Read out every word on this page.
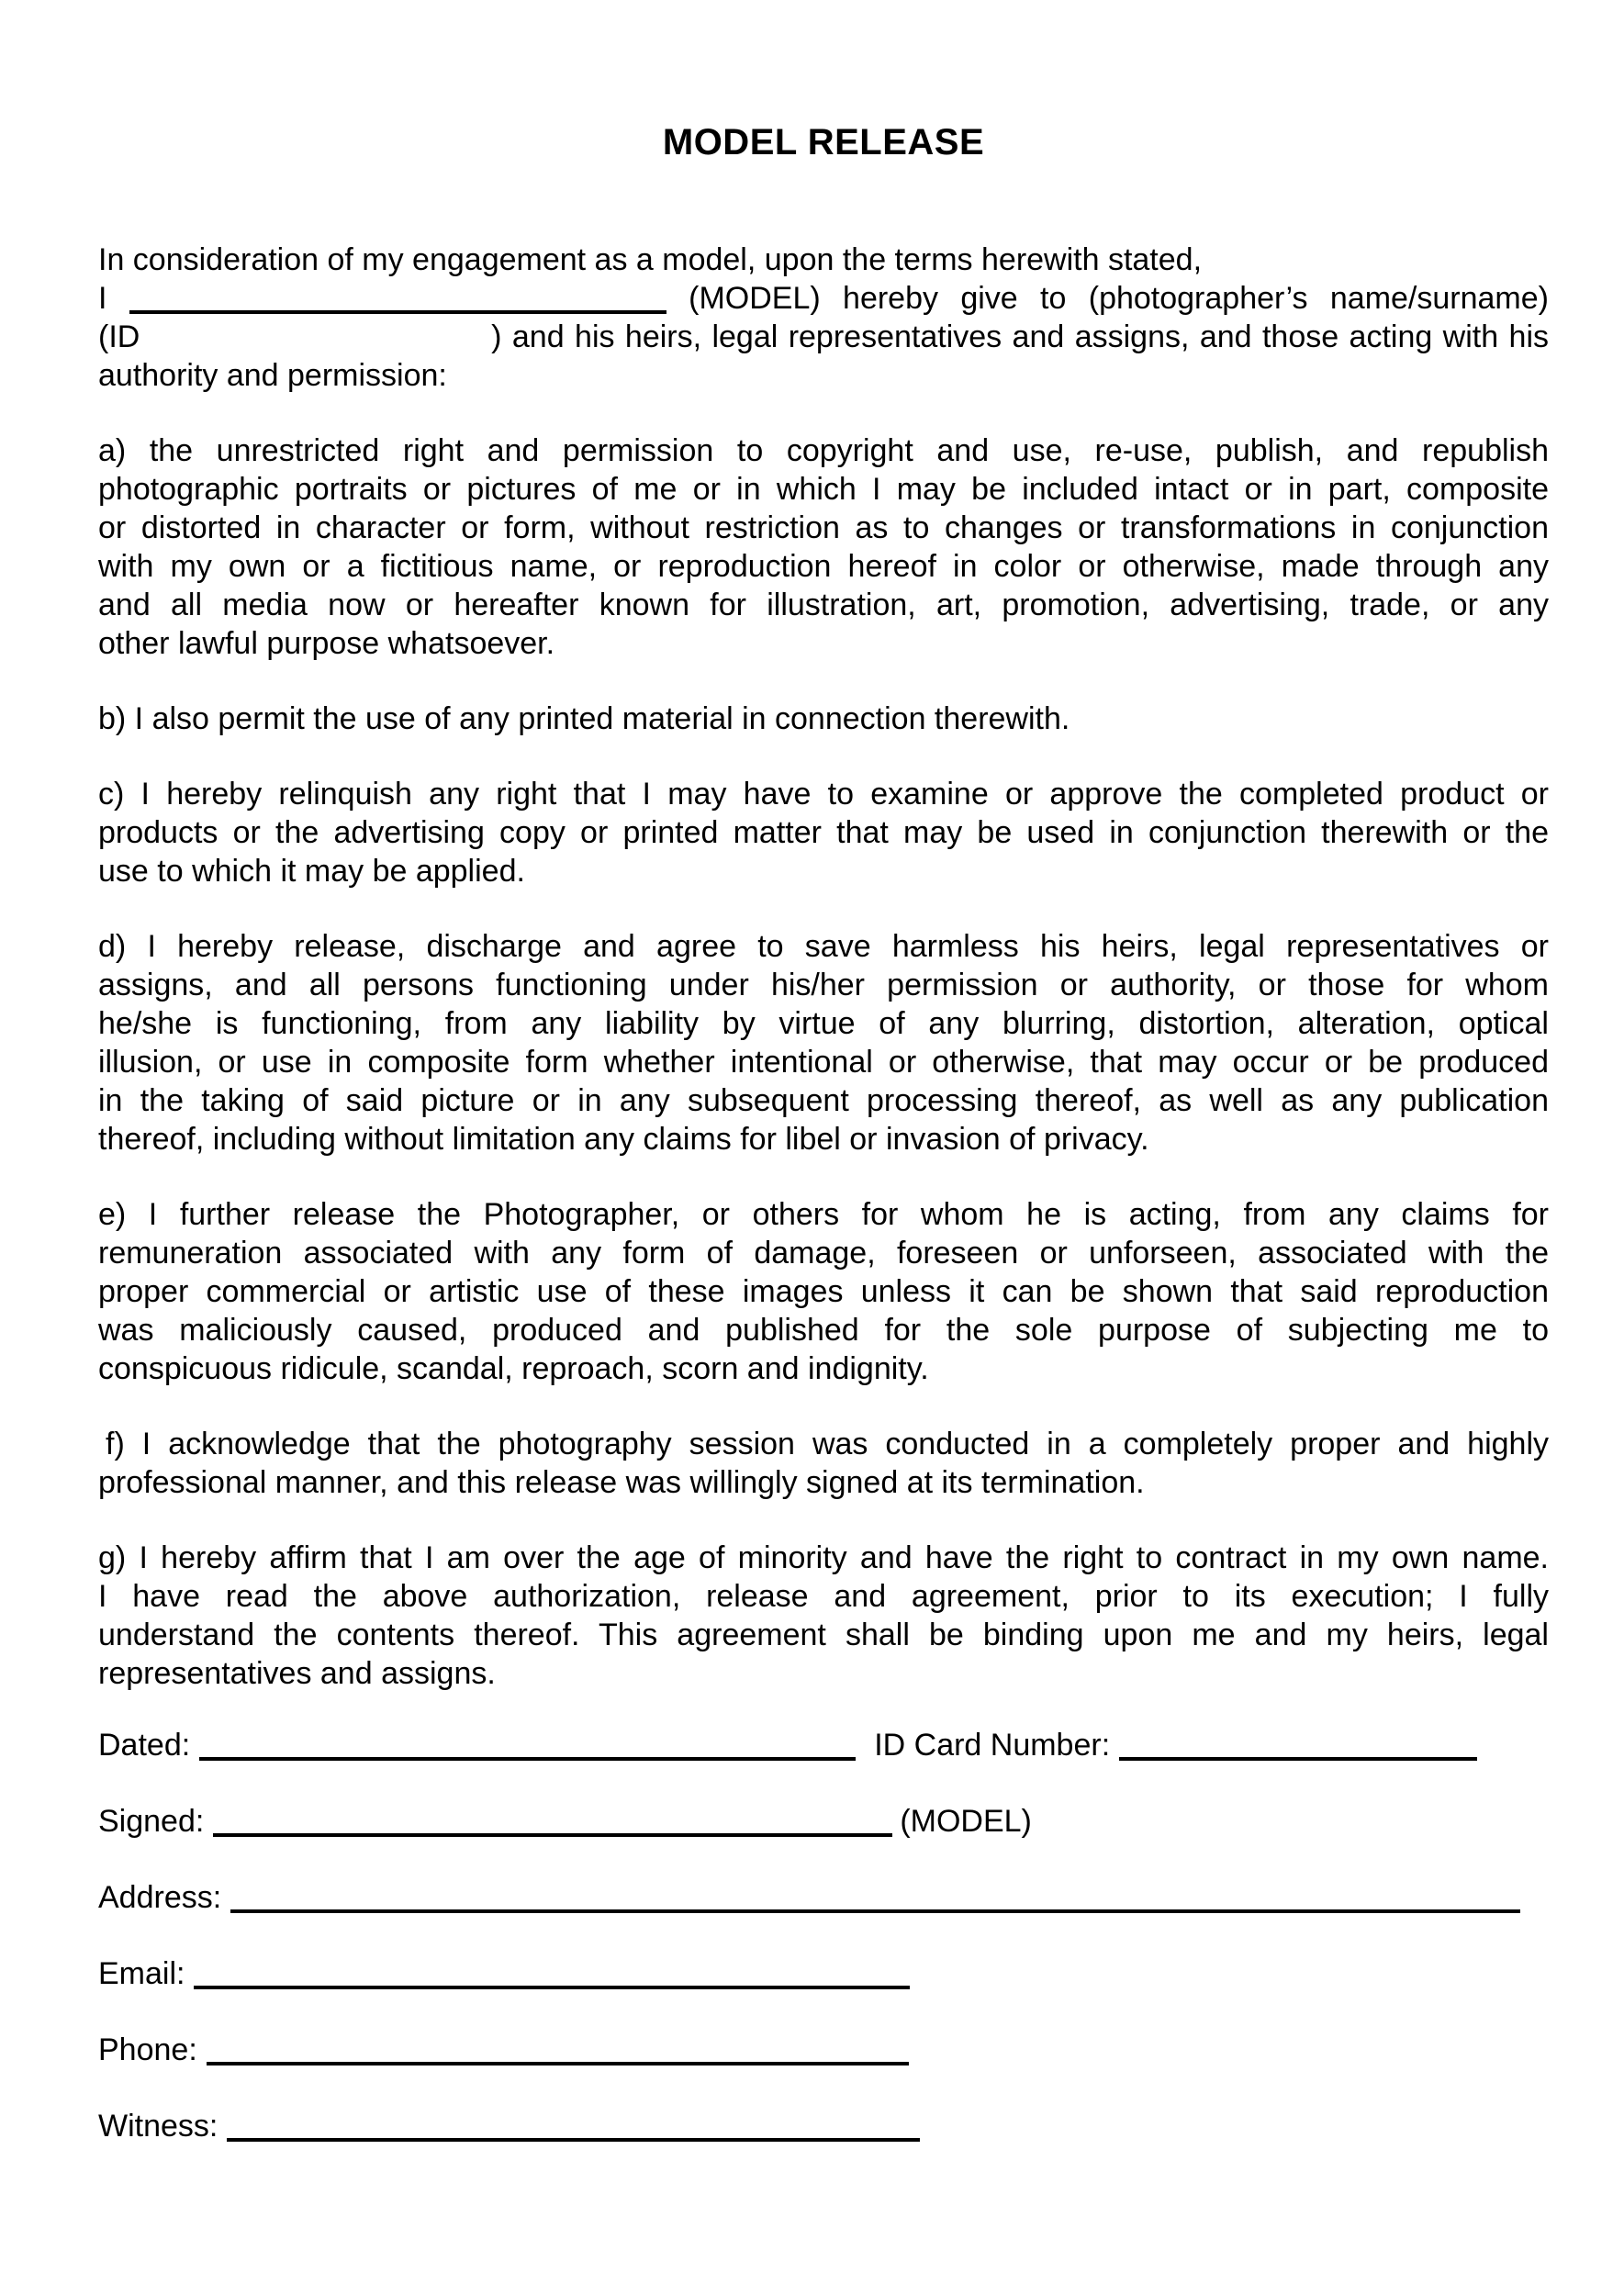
MODEL RELEASE
In consideration of my engagement as a model, upon the terms herewith stated,
I	(MODEL) hereby give to (photographer’s name/surname)
(ID	) and his heirs, legal representatives and assigns, and those acting with his
authority and permission:
a) the unrestricted right and permission to copyright and use, re-use, publish, and republish
photographic portraits or pictures of me or in which I may be included intact or in part, composite
or distorted in character or form, without restriction as to changes or transformations in conjunction
with my own or a fictitious name, or reproduction hereof in color or otherwise, made through any
and all media now or hereafter known for illustration, art, promotion, advertising, trade, or any
other lawful purpose whatsoever.
b) I also permit the use of any printed material in connection therewith.
c) I hereby relinquish any right that I may have to examine or approve the completed product or
products or the advertising copy or printed matter that may be used in conjunction therewith or the
use to which it may be applied.
d) I hereby release, discharge and agree to save harmless his heirs, legal representatives or
assigns, and all persons functioning under his/her permission or authority, or those for whom
he/she is functioning, from any liability by virtue of any blurring, distortion, alteration, optical
illusion, or use in composite form whether intentional or otherwise, that may occur or be produced
in the taking of said picture or in any subsequent processing thereof, as well as any publication
thereof, including without limitation any claims for libel or invasion of privacy.
e) I further release the Photographer, or others for whom he is acting, from any claims for
remuneration associated with any form of damage, foreseen or unforseen, associated with the
proper commercial or artistic use of these images unless it can be shown that said reproduction
was maliciously caused, produced and published for the sole purpose of subjecting me to
conspicuous ridicule, scandal, reproach, scorn and indignity.
f) I acknowledge that the photography session was conducted in a completely proper and highly
professional manner, and this release was willingly signed at its termination.
g) I hereby affirm that I am over the age of minority and have the right to contract in my own name.
I have read the above authorization, release and agreement, prior to its execution; I fully
understand the contents thereof. This agreement shall be binding upon me and my heirs, legal
representatives and assigns.
Dated:	ID Card Number:
Signed:	(MODEL)
Address:
Email:
Phone:
Witness:
